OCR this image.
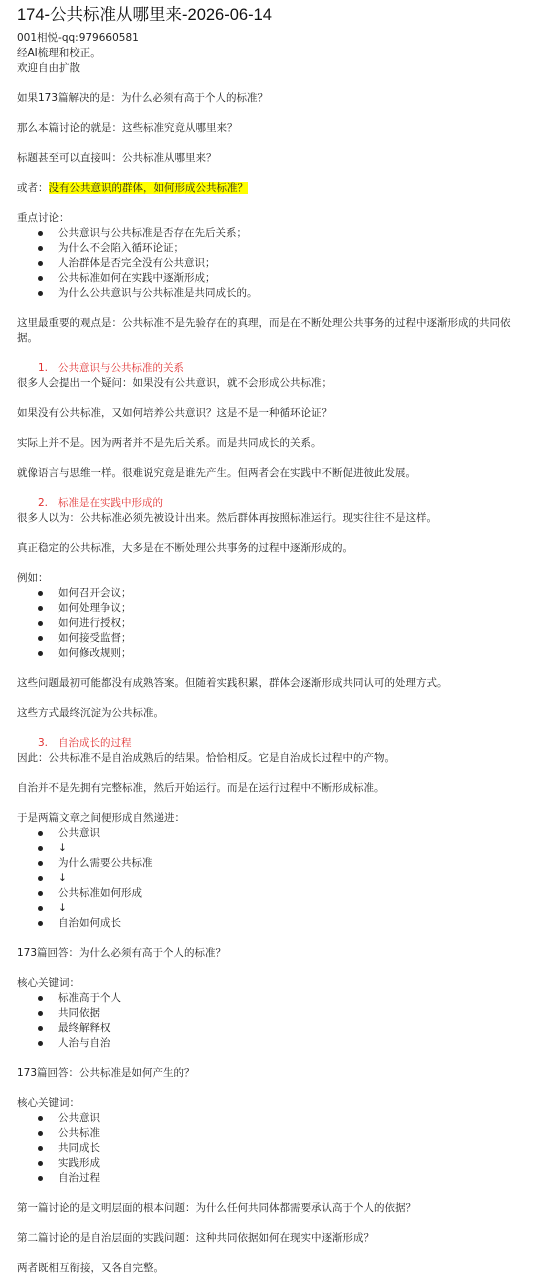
174-公共标准从哪里来-2026-06-14

001相悦-qq:979660581

经AI梳理和校正。

欢迎自由扩散

如果173篇解决的是：为什么必须有高于个人的标准？

那么本篇讨论的就是：这些标准究竟从哪里来？

标题甚至可以直接叫：公共标准从哪里来？

或者：没有公共意识的群体，如何形成公共标准？

重点讨论：

公共意识与公共标准是否存在先后关系；
为什么不会陷入循环论证；
人治群体是否完全没有公共意识；
公共标准如何在实践中逐渐形成；
为什么公共意识与公共标准是共同成长的。

这里最重要的观点是：公共标准不是先验存在的真理，而是在不断处理公共事务的过程中逐渐形成的共同依据。

1. 公共意识与公共标准的关系

很多人会提出一个疑问：如果没有公共意识，就不会形成公共标准；

如果没有公共标准，又如何培养公共意识？这是不是一种循环论证？

实际上并不是。因为两者并不是先后关系。而是共同成长的关系。

就像语言与思维一样。很难说究竟是谁先产生。但两者会在实践中不断促进彼此发展。

2. 标准是在实践中形成的

很多人以为：公共标准必须先被设计出来。然后群体再按照标准运行。现实往往不是这样。

真正稳定的公共标准，大多是在不断处理公共事务的过程中逐渐形成的。

例如：

如何召开会议；
如何处理争议；
如何进行授权；
如何接受监督；
如何修改规则；

这些问题最初可能都没有成熟答案。但随着实践积累，群体会逐渐形成共同认可的处理方式。

这些方式最终沉淀为公共标准。

3. 自治成长的过程

因此：公共标准不是自治成熟后的结果。恰恰相反。它是自治成长过程中的产物。

自治并不是先拥有完整标准，然后开始运行。而是在运行过程中不断形成标准。

于是两篇文章之间便形成自然递进：

公共意识
↓
为什么需要公共标准
↓
公共标准如何形成
↓
自治如何成长

173篇回答：为什么必须有高于个人的标准？

核心关键词：

标准高于个人
共同依据
最终解释权
人治与自治

173篇回答：公共标准是如何产生的？

核心关键词：

公共意识
公共标准
共同成长
实践形成
自治过程

第一篇讨论的是文明层面的根本问题：为什么任何共同体都需要承认高于个人的依据？

第二篇讨论的是自治层面的实践问题：这种共同依据如何在现实中逐渐形成？

两者既相互衔接，又各自完整。
